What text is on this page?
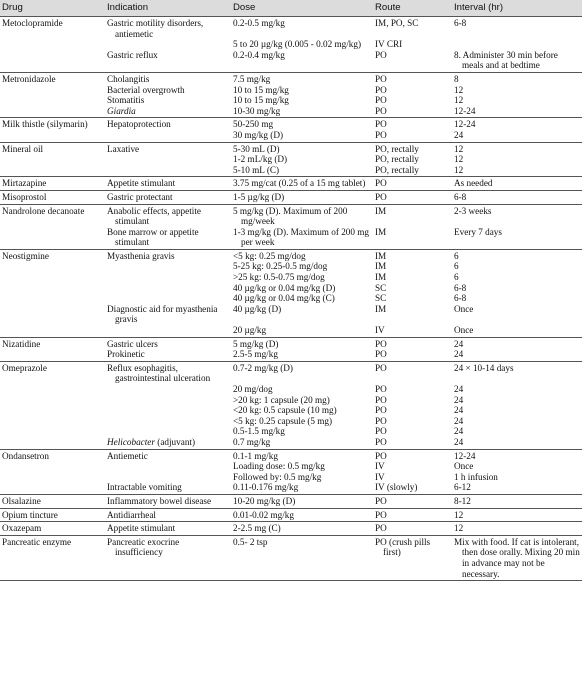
Drug	Indication	Dose	Route	Interval (hr)
Metoclopramide	Gastric motility disorders, antiemetic	0.2-0.5 mg/kg	IM, PO, SC	6-8

		5 to 20 µg/kg (0.005 - 0.02 mg/kg)	IV CRI	

	Gastric reflux	0.2-0.4 mg/kg	PO	8. Administer 30 min before meals and at bedtime

Metronidazole	Cholangitis	7.5 mg/kg	PO	8

	Bacterial overgrowth	10 to 15 mg/kg	PO	12

	Stomatitis	10 to 15 mg/kg	PO	12

	Giardia	10-30 mg/kg	PO	12-24

Milk thistle (silymarin)	Hepatoprotection	50-250 mg	PO	12-24

		30 mg/kg (D)	PO	24

Mineral oil	Laxative	5-30 mL (D)	PO, rectally	12

		1-2 mL/kg (D)	PO, rectally	12

		5-10 mL (C)	PO, rectally	12

Mirtazapine	Appetite stimulant	3.75 mg/cat (0.25 of a 15 mg tablet)	PO	As needed

Misoprostol	Gastric protectant	1-5 µg/kg (D)	PO	6-8

Nandrolone decanoate	Anabolic effects, appetite stimulant	5 mg/kg (D). Maximum of 200 mg/week	IM	2-3 weeks

	Bone marrow or appetite stimulant	1-3 mg/kg (D). Maximum of 200 mg per week	IM	Every 7 days

Neostigmine	Myasthenia gravis	<5 kg: 0.25 mg/dog	IM	6

		5-25 kg: 0.25-0.5 mg/dog	IM	6

		>25 kg: 0.5-0.75 mg/dog	IM	6

		40 µg/kg or 0.04 mg/kg (D)	SC	6-8

		40 µg/kg or 0.04 mg/kg (C)	SC	6-8

	Diagnostic aid for myasthenia gravis	40 µg/kg (D)	IM	Once

		20 µg/kg	IV	Once

Nizatidine	Gastric ulcers	5 mg/kg (D)	PO	24

	Prokinetic	2.5-5 mg/kg	PO	24

Omeprazole	Reflux esophagitis, gastrointestinal ulceration	0.7-2 mg/kg (D)	PO	24 × 10-14 days

		20 mg/dog	PO	24

		>20 kg: 1 capsule (20 mg)	PO	24

		<20 kg: 0.5 capsule (10 mg)	PO	24

		<5 kg: 0.25 capsule (5 mg)	PO	24

		0.5-1.5 mg/kg	PO	24

	Helicobacter (adjuvant)	0.7 mg/kg	PO	24

Ondansetron	Antiemetic	0.1-1 mg/kg	PO	12-24

		Loading dose: 0.5 mg/kg	IV	Once

		Followed by: 0.5 mg/kg	IV	1 h infusion

	Intractable vomiting	0.11-0.176 mg/kg	IV (slowly)	6-12

Olsalazine	Inflammatory bowel disease	10-20 mg/kg (D)	PO	8-12

Opium tincture	Antidiarrheal	0.01-0.02 mg/kg	PO	12

Oxazepam	Appetite stimulant	2-2.5 mg (C)	PO	12

Pancreatic enzyme	Pancreatic exocrine insufficiency	0.5- 2 tsp	PO (crush pills first)	Mix with food. If cat is intolerant, then dose orally. Mixing 20 min in advance may not be necessary.
